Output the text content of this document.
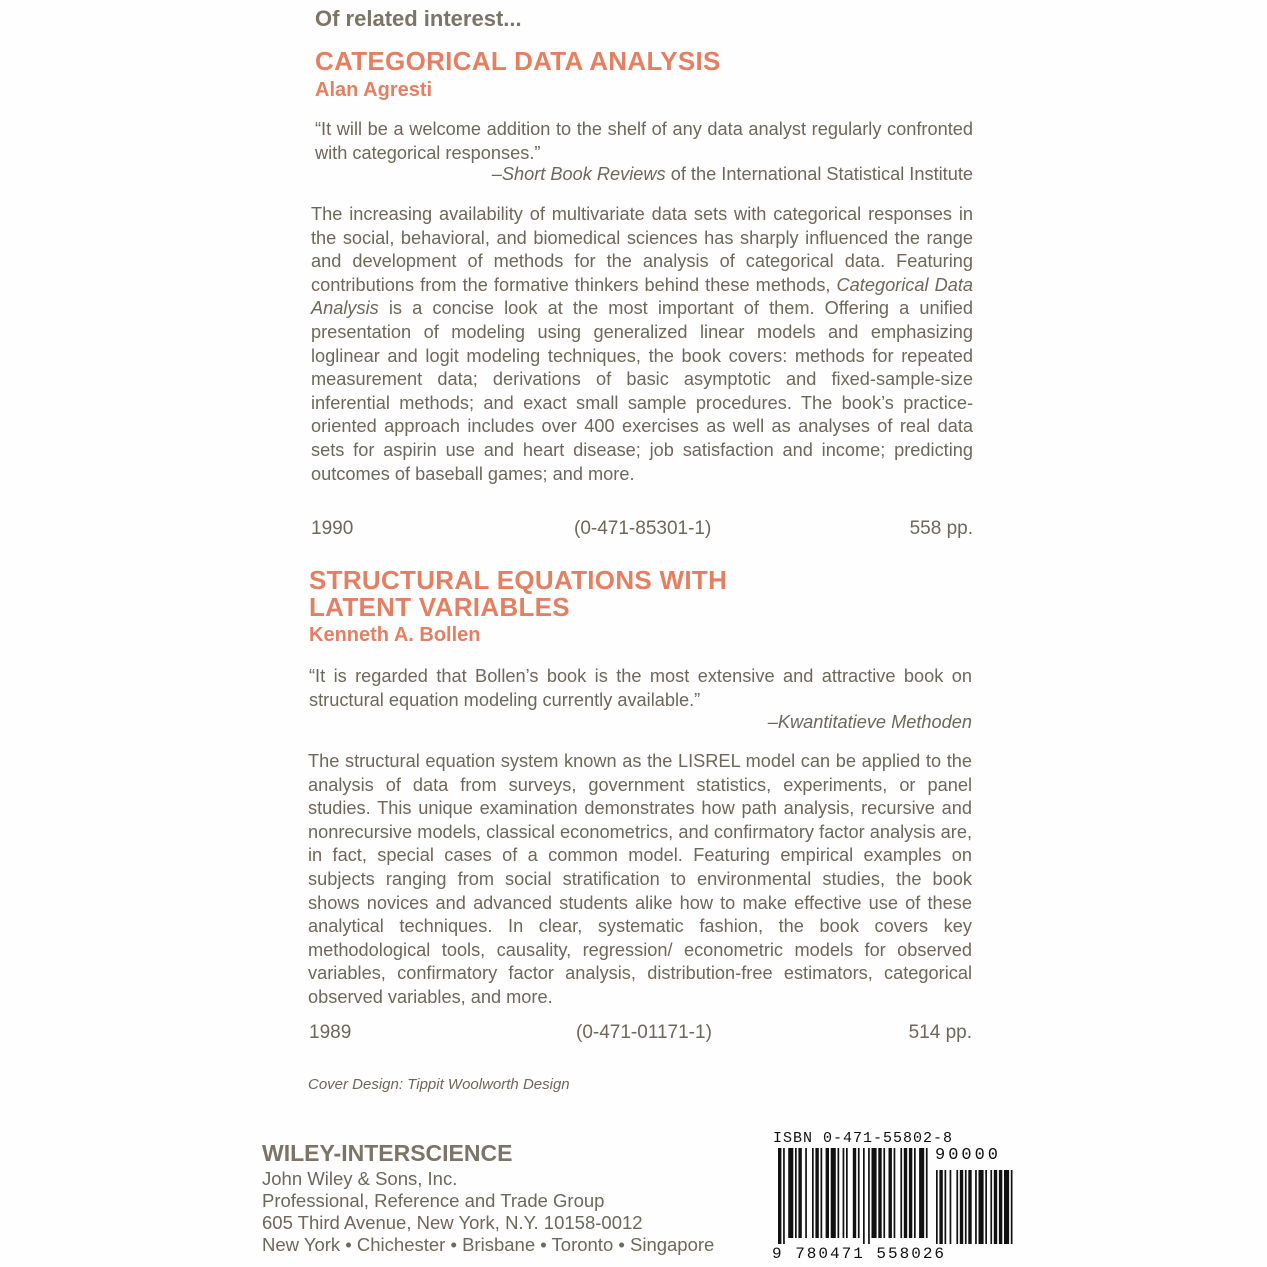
Of related interest...
CATEGORICAL DATA ANALYSIS
Alan Agresti
“It will be a welcome addition to the shelf of any data analyst regularly confronted with categorical responses.”
–Short Book Reviews of the International Statistical Institute
The increasing availability of multivariate data sets with categorical responses in the social, behavioral, and biomedical sciences has sharply influenced the range and development of methods for the analysis of categorical data. Featuring contributions from the formative thinkers behind these methods, Categorical Data Analysis is a concise look at the most important of them. Offering a unified presentation of modeling using generalized linear models and emphasizing loglinear and logit modeling techniques, the book covers: methods for repeated measurement data; derivations of basic asymptotic and fixed-sample-size inferential methods; and exact small sample procedures. The book’s practice-oriented approach includes over 400 exercises as well as analyses of real data sets for aspirin use and heart disease; job satisfaction and income; predicting outcomes of baseball games; and more.
1990	(0-471-85301-1)	558 pp.
STRUCTURAL EQUATIONS WITH
LATENT VARIABLES
Kenneth A. Bollen
“It is regarded that Bollen’s book is the most extensive and attractive book on structural equation modeling currently available.”
–Kwantitatieve Methoden
The structural equation system known as the LISREL model can be applied to the analysis of data from surveys, government statistics, experiments, or panel studies. This unique examination demonstrates how path analysis, recursive and nonrecursive models, classical econometrics, and confirmatory factor analysis are, in fact, special cases of a common model. Featuring empirical examples on subjects ranging from social stratification to environmental studies, the book shows novices and advanced students alike how to make effective use of these analytical techniques. In clear, systematic fashion, the book covers key methodological tools, causality, regression/ econometric models for observed variables, confirmatory factor analysis, distribution-free estimators, categorical observed variables, and more.
1989	(0-471-01171-1)	514 pp.
Cover Design: Tippit Woolworth Design
WILEY-INTERSCIENCE
John Wiley & Sons, Inc.
Professional, Reference and Trade Group
605 Third Avenue, New York, N.Y. 10158-0012
New York • Chichester • Brisbane • Toronto • Singapore
ISBN 0-471-55802-8
90000
9 780471 558026
